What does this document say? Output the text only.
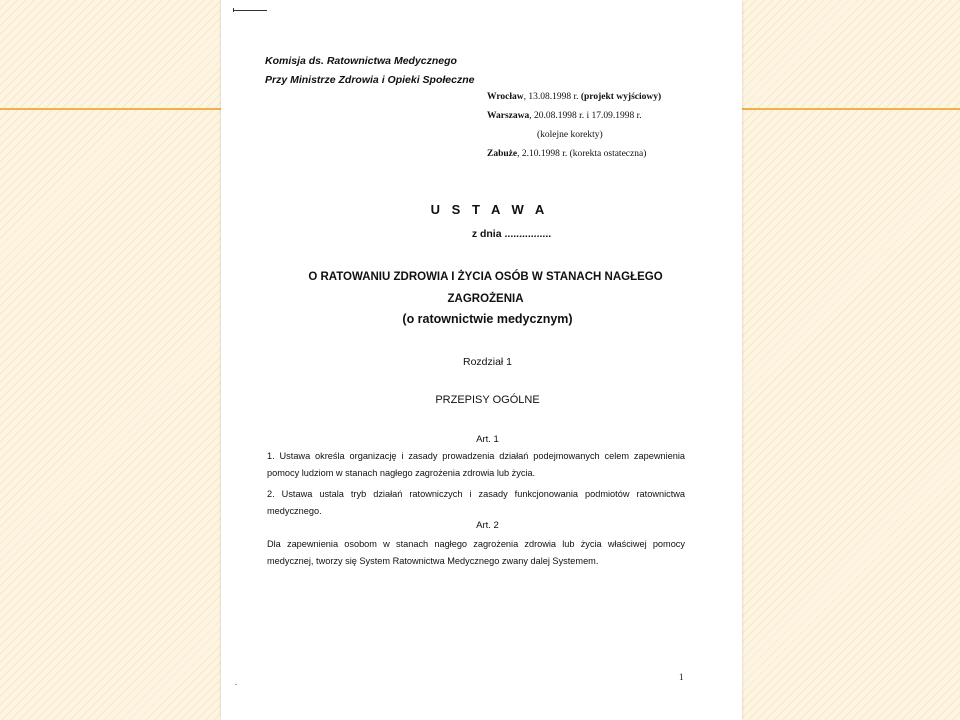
Komisja ds. Ratownictwa Medycznego
Przy Ministrze Zdrowia i Opieki Społeczne
Wrocław, 13.08.1998 r. (projekt wyjściowy)
Warszawa, 20.08.1998 r. i 17.09.1998 r.
(kolejne korekty)
Zabuże, 2.10.1998 r. (korekta ostateczna)
U S T A W A
z dnia ................
O RATOWANIU ZDROWIA I ŻYCIA OSÓB W STANACH NAGŁEGO
ZAGROŻENIA
(o ratownictwie medycznym)
Rozdział 1
PRZEPISY OGÓLNE
Art. 1
1. Ustawa określa organizację i zasady prowadzenia działań podejmowanych celem zapewnienia pomocy ludziom w stanach nagłego zagrożenia zdrowia lub życia.
2. Ustawa ustala tryb działań ratowniczych i zasady funkcjonowania podmiotów ratownictwa medycznego.
Art. 2
Dla zapewnienia osobom w stanach nagłego zagrożenia zdrowia lub życia właściwej pomocy medycznej, tworzy się System Ratownictwa Medycznego zwany dalej Systemem.
1
